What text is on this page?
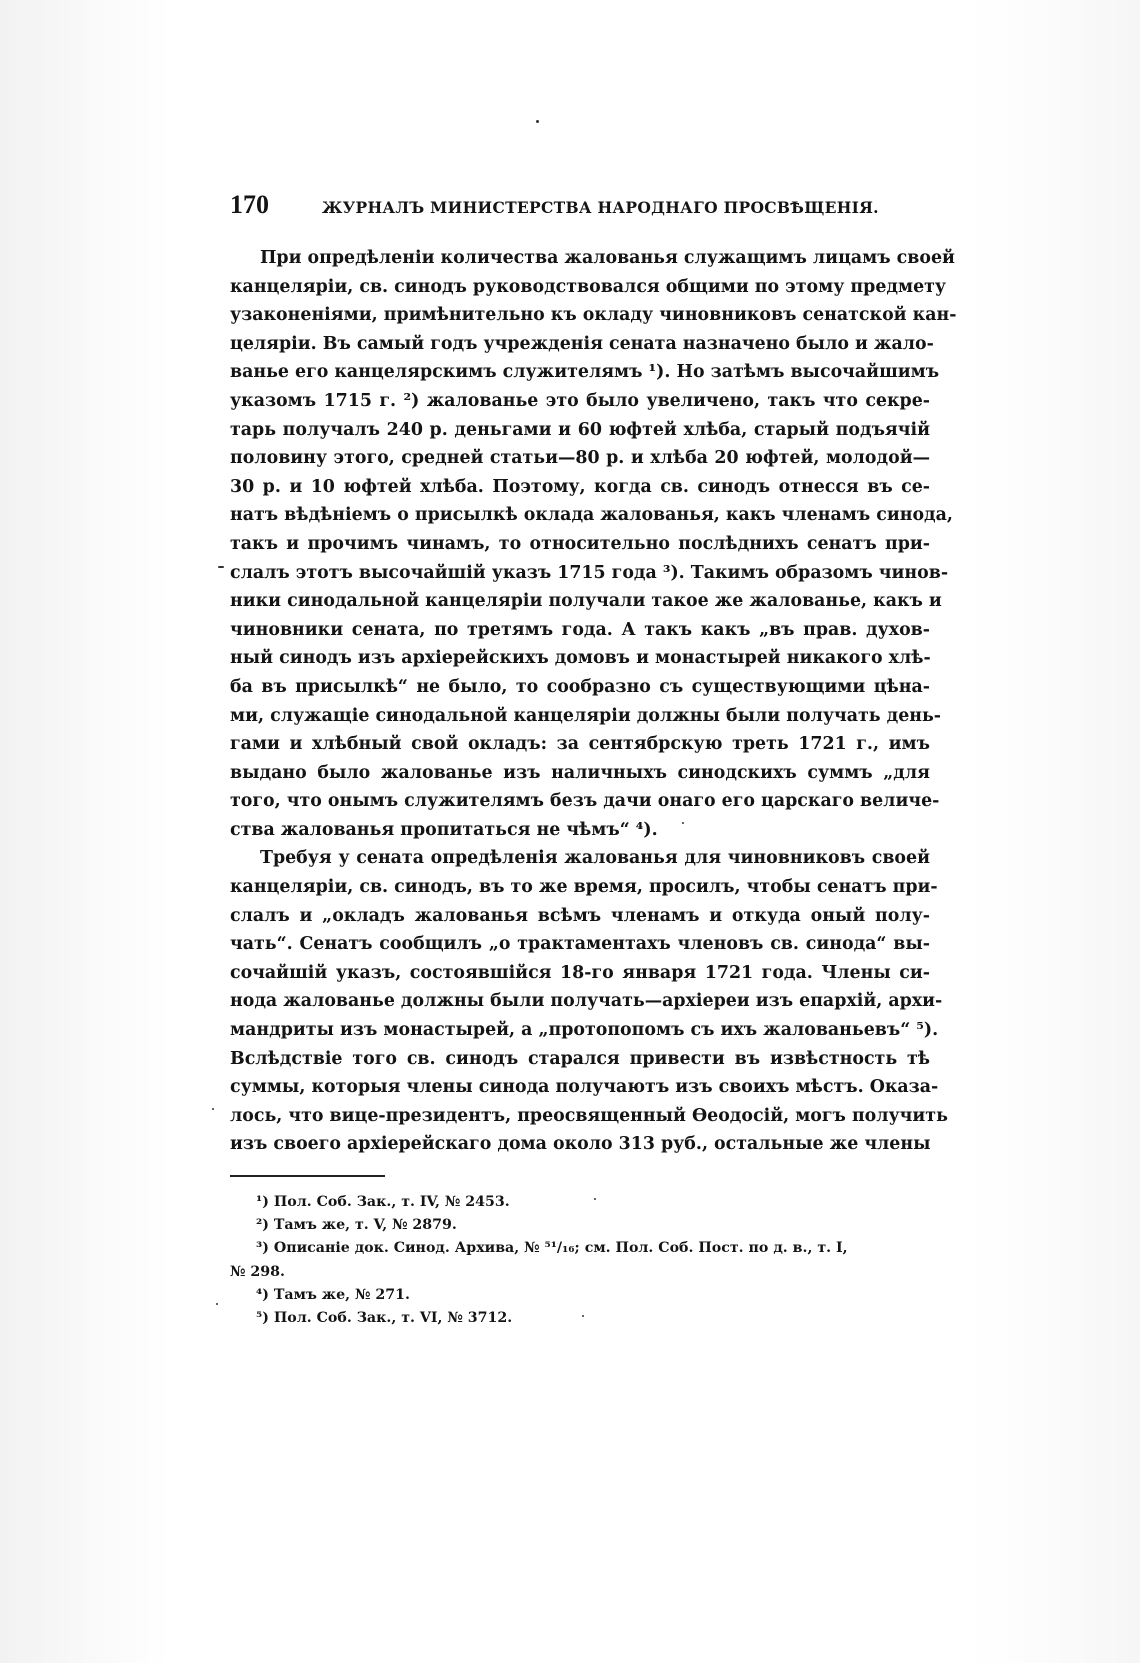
170	ЖУРНАЛЪ МИНИСТЕРСТВА НАРОДНАГО ПРОСВѢЩЕНІЯ.
При опредѣленіи количества жалованья служащимъ лицамъ своей
канцеляріи, св. синодъ руководствовался общими по этому предмету
узаконеніями, примѣнительно къ окладу чиновниковъ сенатской кан-
целяріи. Въ самый годъ учрежденія сената назначено было и жало-
ванье его канцелярскимъ служителямъ ¹). Но затѣмъ высочайшимъ
указомъ 1715 г. ²) жалованье это было увеличено, такъ что секре-
тарь получалъ 240 р. деньгами и 60 юфтей хлѣба, старый подъячій
половину этого, средней статьи—80 р. и хлѣба 20 юфтей, молодой—
30 р. и 10 юфтей хлѣба. Поэтому, когда св. синодъ отнесся въ се-
натъ вѣдѣніемъ о присылкѣ оклада жалованья, какъ членамъ синода,
такъ и прочимъ чинамъ, то относительно послѣднихъ сенатъ при-
слалъ этотъ высочайшій указъ 1715 года ³). Такимъ образомъ чинов-
ники синодальной канцеляріи получали такое же жалованье, какъ и
чиновники сената, по третямъ года. А такъ какъ „въ прав. духов-
ный синодъ изъ архіерейскихъ домовъ и монастырей никакого хлѣ-
ба въ присылкѣ“ не было, то сообразно съ существующими цѣна-
ми, служащіе синодальной канцеляріи должны были получать день-
гами и хлѣбный свой окладъ: за сентябрскую треть 1721 г., имъ
выдано было жалованье изъ наличныхъ синодскихъ суммъ „для
того, что онымъ служителямъ безъ дачи онаго его царскаго величе-
ства жалованья пропитаться не чѣмъ“ ⁴).
Требуя у сената опредѣленія жалованья для чиновниковъ своей
канцеляріи, св. синодъ, въ то же время, просилъ, чтобы сенатъ при-
слалъ и „окладъ жалованья всѣмъ членамъ и откуда оный полу-
чать“. Сенатъ сообщилъ „о трактаментахъ членовъ св. синода“ вы-
сочайшій указъ, состоявшійся 18-го января 1721 года. Члены си-
нода жалованье должны были получать—архіереи изъ епархій, архи-
мандриты изъ монастырей, а „протопопомъ съ ихъ жалованьевъ“ ⁵).
Вслѣдствіе того св. синодъ старался привести въ извѣстность тѣ
суммы, которыя члены синода получаютъ изъ своихъ мѣстъ. Оказа-
лось, что вице-президентъ, преосвященный Ѳеодосій, могъ получить
изъ своего архіерейскаго дома около 313 руб., остальные же члены
¹) Пол. Соб. Зак., т. IV, № 2453.
²) Тамъ же, т. V, № 2879.
³) Описаніе док. Синод. Архива, № ⁵¹/₁₆; см. Пол. Соб. Пост. по д. в., т. I,
№ 298.
⁴) Тамъ же, № 271.
⁵) Пол. Соб. Зак., т. VI, № 3712.
